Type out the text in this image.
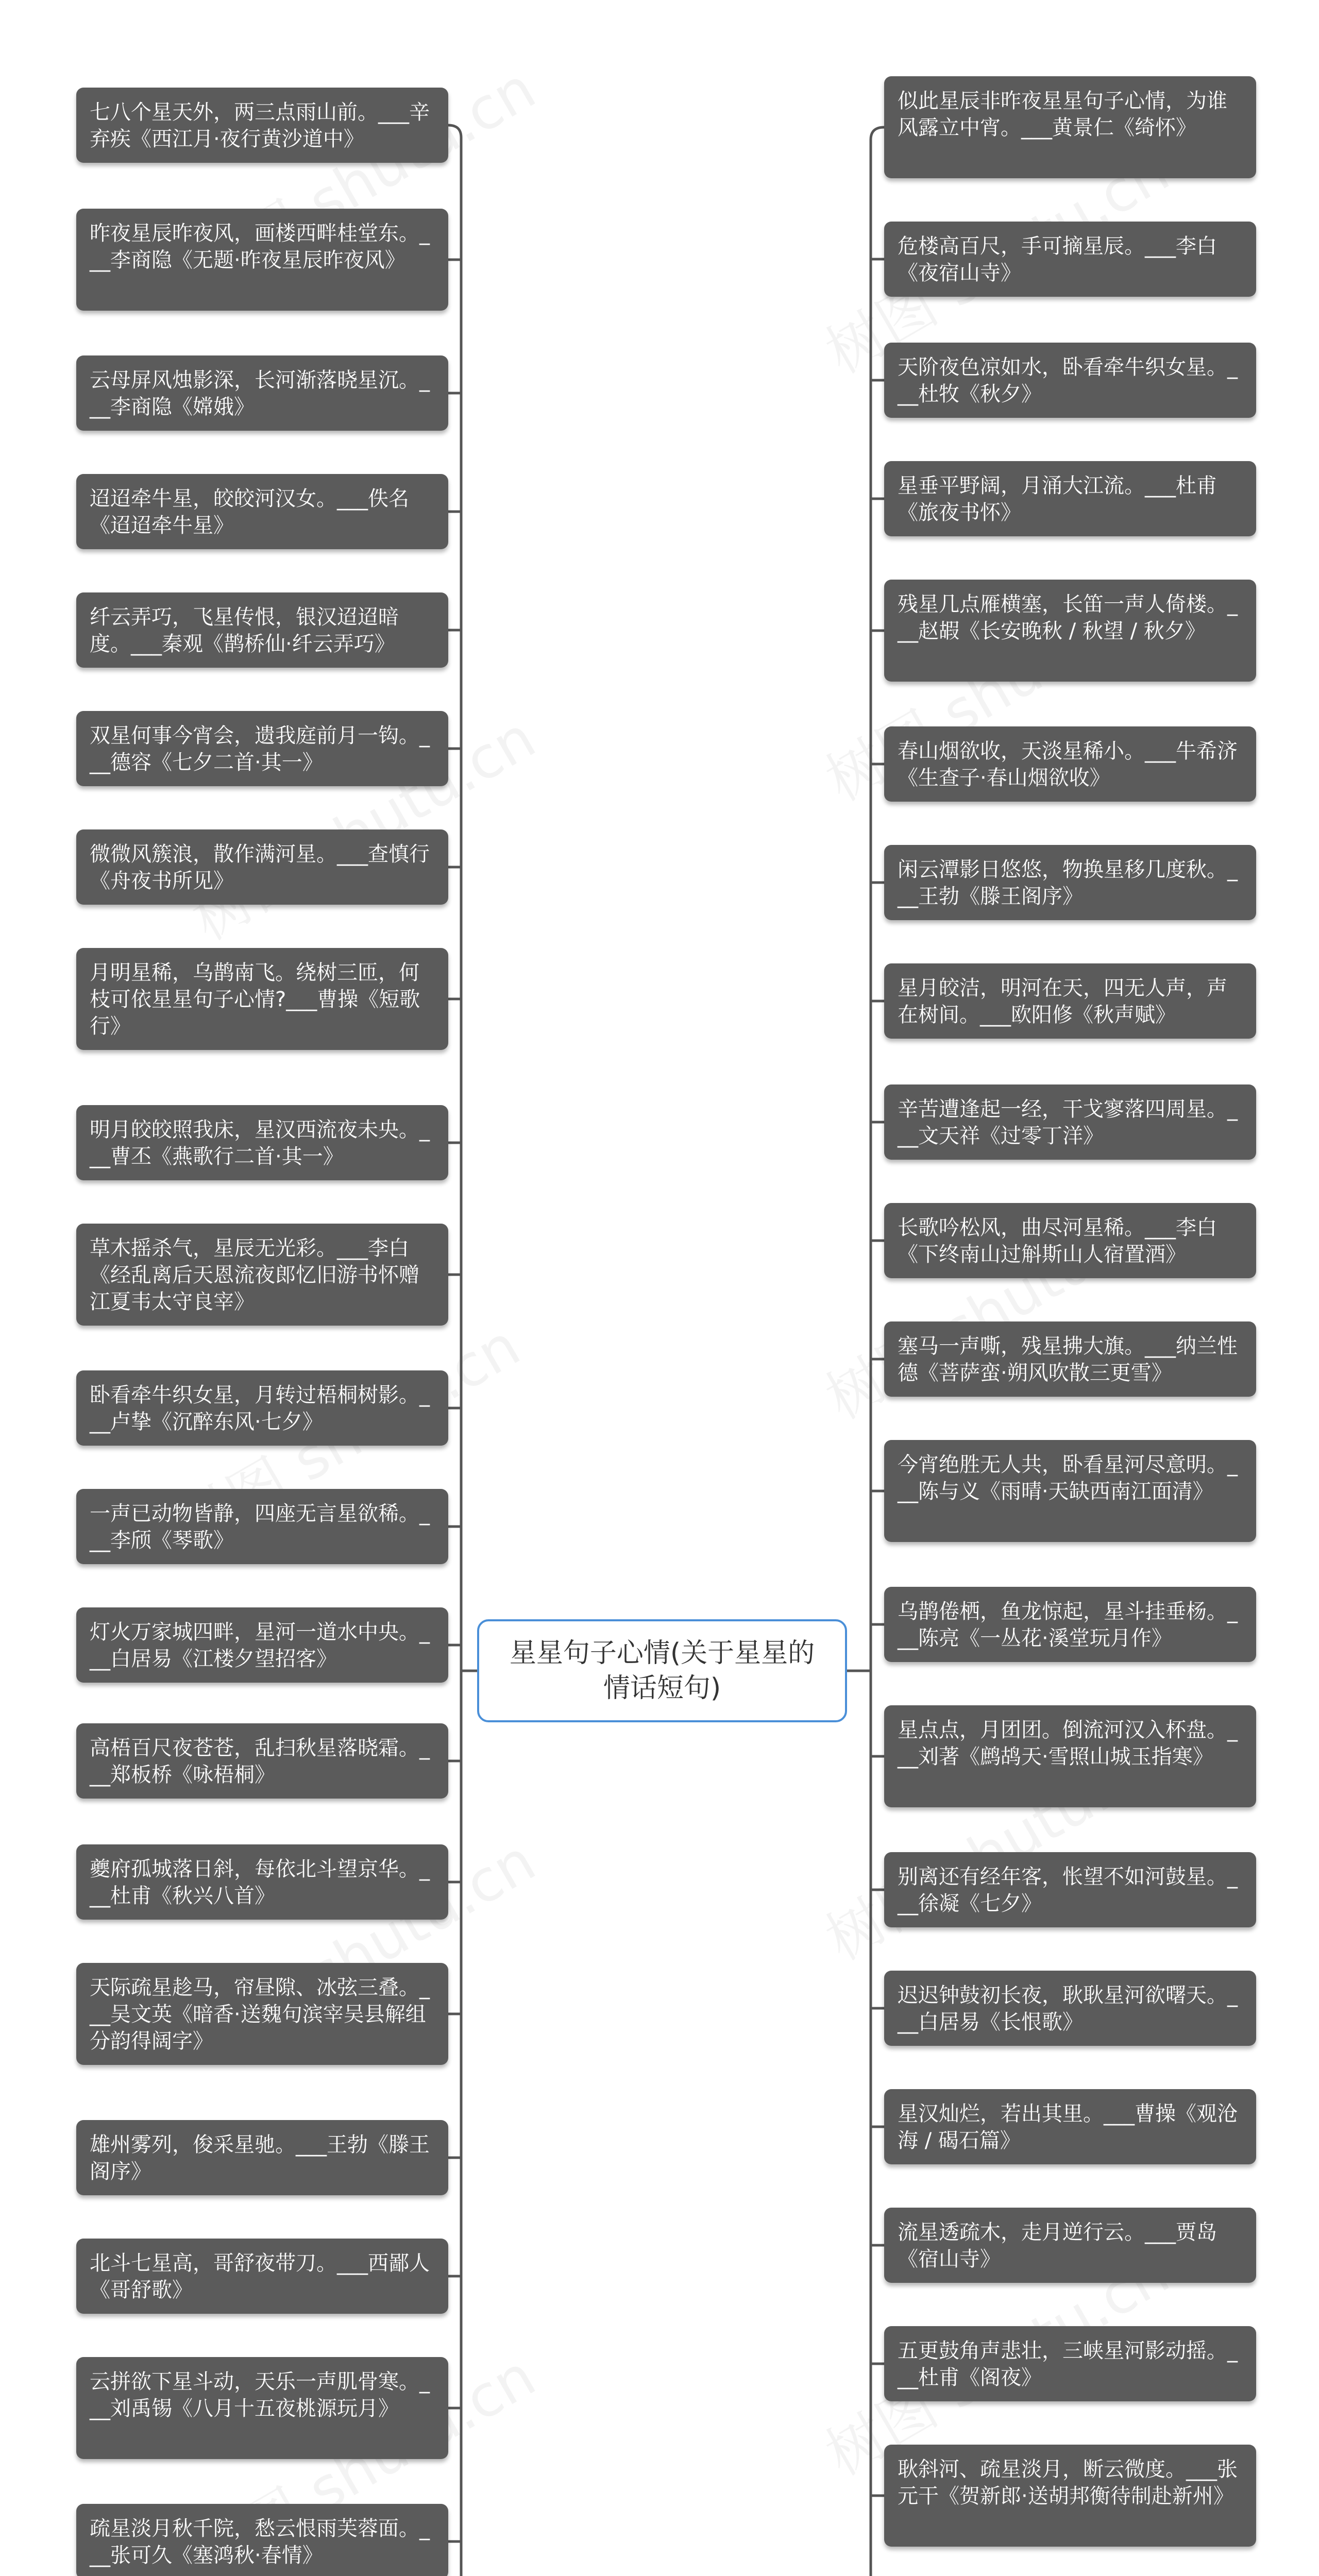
七八个星天外，两三点雨山前。___辛弃疾《西江月·夜行黄沙道中》
昨夜星辰昨夜风，画楼西畔桂堂东。___李商隐《无题·昨夜星辰昨夜风》
云母屏风烛影深，长河渐落晓星沉。___李商隐《嫦娥》
迢迢牵牛星，皎皎河汉女。___佚名《迢迢牵牛星》
纤云弄巧，飞星传恨，银汉迢迢暗度。___秦观《鹊桥仙·纤云弄巧》
双星何事今宵会，遗我庭前月一钩。___德容《七夕二首·其一》
微微风簇浪，散作满河星。___查慎行《舟夜书所见》
月明星稀，乌鹊南飞。绕树三匝，何枝可依星星句子心情?___曹操《短歌行》
明月皎皎照我床，星汉西流夜未央。___曹丕《燕歌行二首·其一》
草木摇杀气，星辰无光彩。___李白《经乱离后天恩流夜郎忆旧游书怀赠江夏韦太守良宰》
卧看牵牛织女星，月转过梧桐树影。___卢挚《沉醉东风·七夕》
一声已动物皆静，四座无言星欲稀。___李颀《琴歌》
灯火万家城四畔，星河一道水中央。___白居易《江楼夕望招客》
高梧百尺夜苍苍，乱扫秋星落晓霜。___郑板桥《咏梧桐》
夔府孤城落日斜，每依北斗望京华。___杜甫《秋兴八首》
天际疏星趁马，帘昼隙、冰弦三叠。___吴文英《暗香·送魏句滨宰吴县解组分韵得阔字》
雄州雾列，俊采星驰。___王勃《滕王阁序》
北斗七星高，哥舒夜带刀。___西鄙人《哥舒歌》
云拼欲下星斗动，天乐一声肌骨寒。___刘禹锡《八月十五夜桃源玩月》
疏星淡月秋千院，愁云恨雨芙蓉面。___张可久《塞鸿秋·春情》
似此星辰非昨夜星星句子心情，为谁风露立中宵。___黄景仁《绮怀》
危楼高百尺，手可摘星辰。___李白《夜宿山寺》
天阶夜色凉如水，卧看牵牛织女星。___杜牧《秋夕》
星垂平野阔，月涌大江流。___杜甫《旅夜书怀》
残星几点雁横塞，长笛一声人倚楼。___赵嘏《长安晚秋 / 秋望 / 秋夕》
春山烟欲收，天淡星稀小。___牛希济《生查子·春山烟欲收》
闲云潭影日悠悠，物换星移几度秋。___王勃《滕王阁序》
星月皎洁，明河在天，四无人声，声在树间。___欧阳修《秋声赋》
辛苦遭逢起一经，干戈寥落四周星。___文天祥《过零丁洋》
长歌吟松风，曲尽河星稀。___李白《下终南山过斛斯山人宿置酒》
塞马一声嘶，残星拂大旗。___纳兰性德《菩萨蛮·朔风吹散三更雪》
今宵绝胜无人共，卧看星河尽意明。___陈与义《雨晴·天缺西南江面清》
乌鹊倦栖，鱼龙惊起，星斗挂垂杨。___陈亮《一丛花·溪堂玩月作》
星点点，月团团。倒流河汉入杯盘。___刘著《鹧鸪天·雪照山城玉指寒》
别离还有经年客，怅望不如河鼓星。___徐凝《七夕》
迟迟钟鼓初长夜，耿耿星河欲曙天。___白居易《长恨歌》
星汉灿烂，若出其里。___曹操《观沧海 / 碣石篇》
流星透疏木，走月逆行云。___贾岛《宿山寺》
五更鼓角声悲壮，三峡星河影动摇。___杜甫《阁夜》
耿斜河、疏星淡月，断云微度。___张元干《贺新郎·送胡邦衡待制赴新州》
星星句子心情(关于星星的情话短句)
